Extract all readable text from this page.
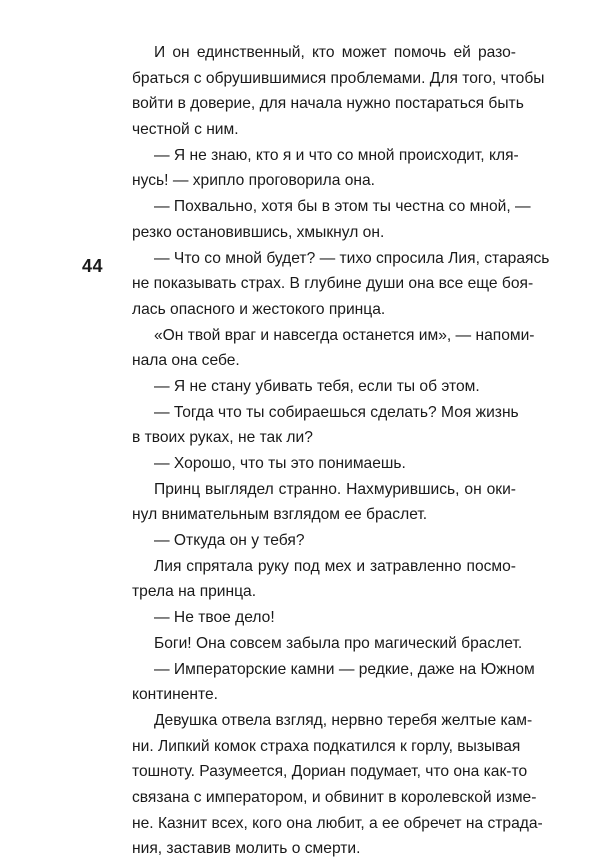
44
И он единственный, кто может помочь ей разо-
браться с обрушившимися проблемами. Для того, чтобы
войти в доверие, для начала нужно постараться быть
честной с ним.
— Я не знаю, кто я и что со мной происходит, кля-
нусь! — хрипло проговорила она.
— Похвально, хотя бы в этом ты честна со мной, —
резко остановившись, хмыкнул он.
— Что со мной будет? — тихо спросила Лия, стараясь
не показывать страх. В глубине души она все еще боя-
лась опасного и жестокого принца.
«Он твой враг и навсегда останется им», — напоми-
нала она себе.
— Я не стану убивать тебя, если ты об этом.
— Тогда что ты собираешься сделать? Моя жизнь
в твоих руках, не так ли?
— Хорошо, что ты это понимаешь.
Принц выглядел странно. Нахмурившись, он оки-
нул внимательным взглядом ее браслет.
— Откуда он у тебя?
Лия спрятала руку под мех и затравленно посмо-
трела на принца.
— Не твое дело!
Боги! Она совсем забыла про магический браслет.
— Императорские камни — редкие, даже на Южном
континенте.
Девушка отвела взгляд, нервно теребя желтые кам-
ни. Липкий комок страха подкатился к горлу, вызывая
тошноту. Разумеется, Дориан подумает, что она как-то
связана с императором, и обвинит в королевской изме-
не. Казнит всех, кого она любит, а ее обречет на страда-
ния, заставив молить о смерти.
